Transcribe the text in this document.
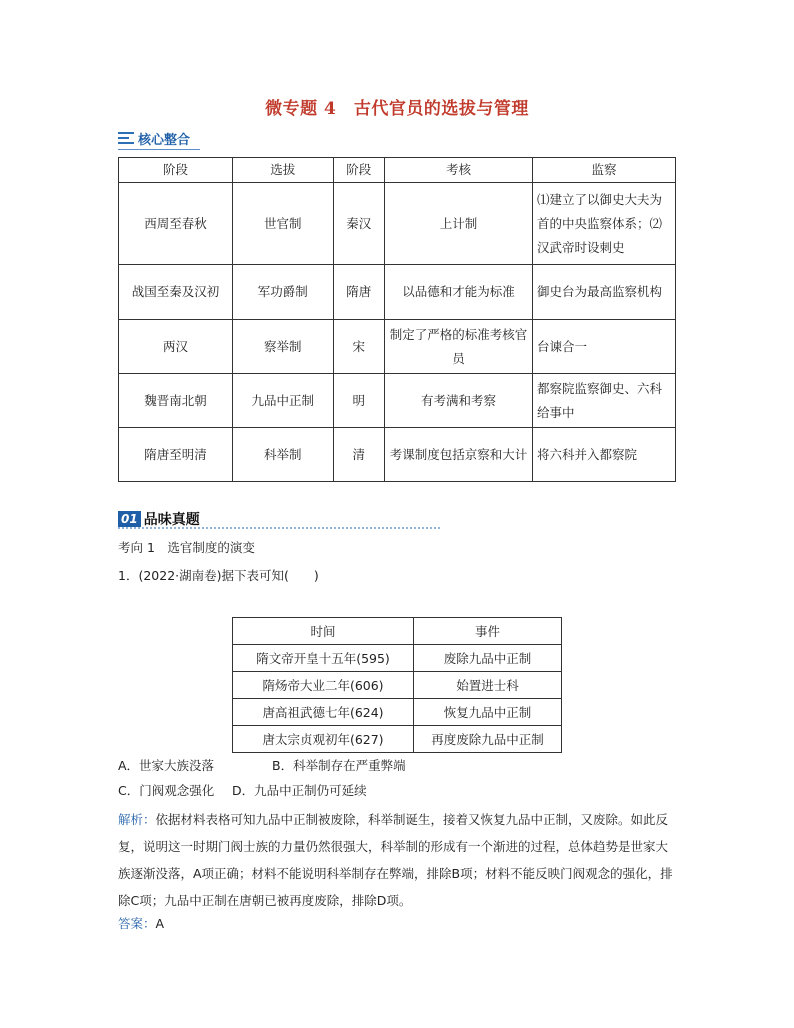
微专题 4　古代官员的选拔与管理
核心整合
阶段	选拔	阶段	考核	监察
西周至春秋	世官制	秦汉	上计制	⑴建立了以御史大夫为首的中央监察体系；⑵汉武帝时设刺史
战国至秦及汉初	军功爵制	隋唐	以品德和才能为标准	御史台为最高监察机构
两汉	察举制	宋	制定了严格的标准考核官员	台谏合一
魏晋南北朝	九品中正制	明	有考满和考察	都察院监察御史、六科给事中
隋唐至明清	科举制	清	考课制度包括京察和大计	将六科并入都察院
01 品味真题
考向 1　选官制度的演变
1．(2022·湖南卷)据下表可知(　　)
时间	事件
隋文帝开皇十五年(595)	废除九品中正制
隋炀帝大业二年(606)	始置进士科
唐高祖武德七年(624)	恢复九品中正制
唐太宗贞观初年(627)	再度废除九品中正制
A．世家大族没落	B．科举制存在严重弊端
C．门阀观念强化 D．九品中正制仍可延续
解析：依据材料表格可知九品中正制被废除，科举制诞生，接着又恢复九品中正制，又废除。如此反复，说明这一时期门阀士族的力量仍然很强大，科举制的形成有一个渐进的过程，总体趋势是世家大族逐渐没落，A项正确；材料不能说明科举制存在弊端，排除B项；材料不能反映门阀观念的强化，排除C项；九品中正制在唐朝已被再度废除，排除D项。
答案：A
